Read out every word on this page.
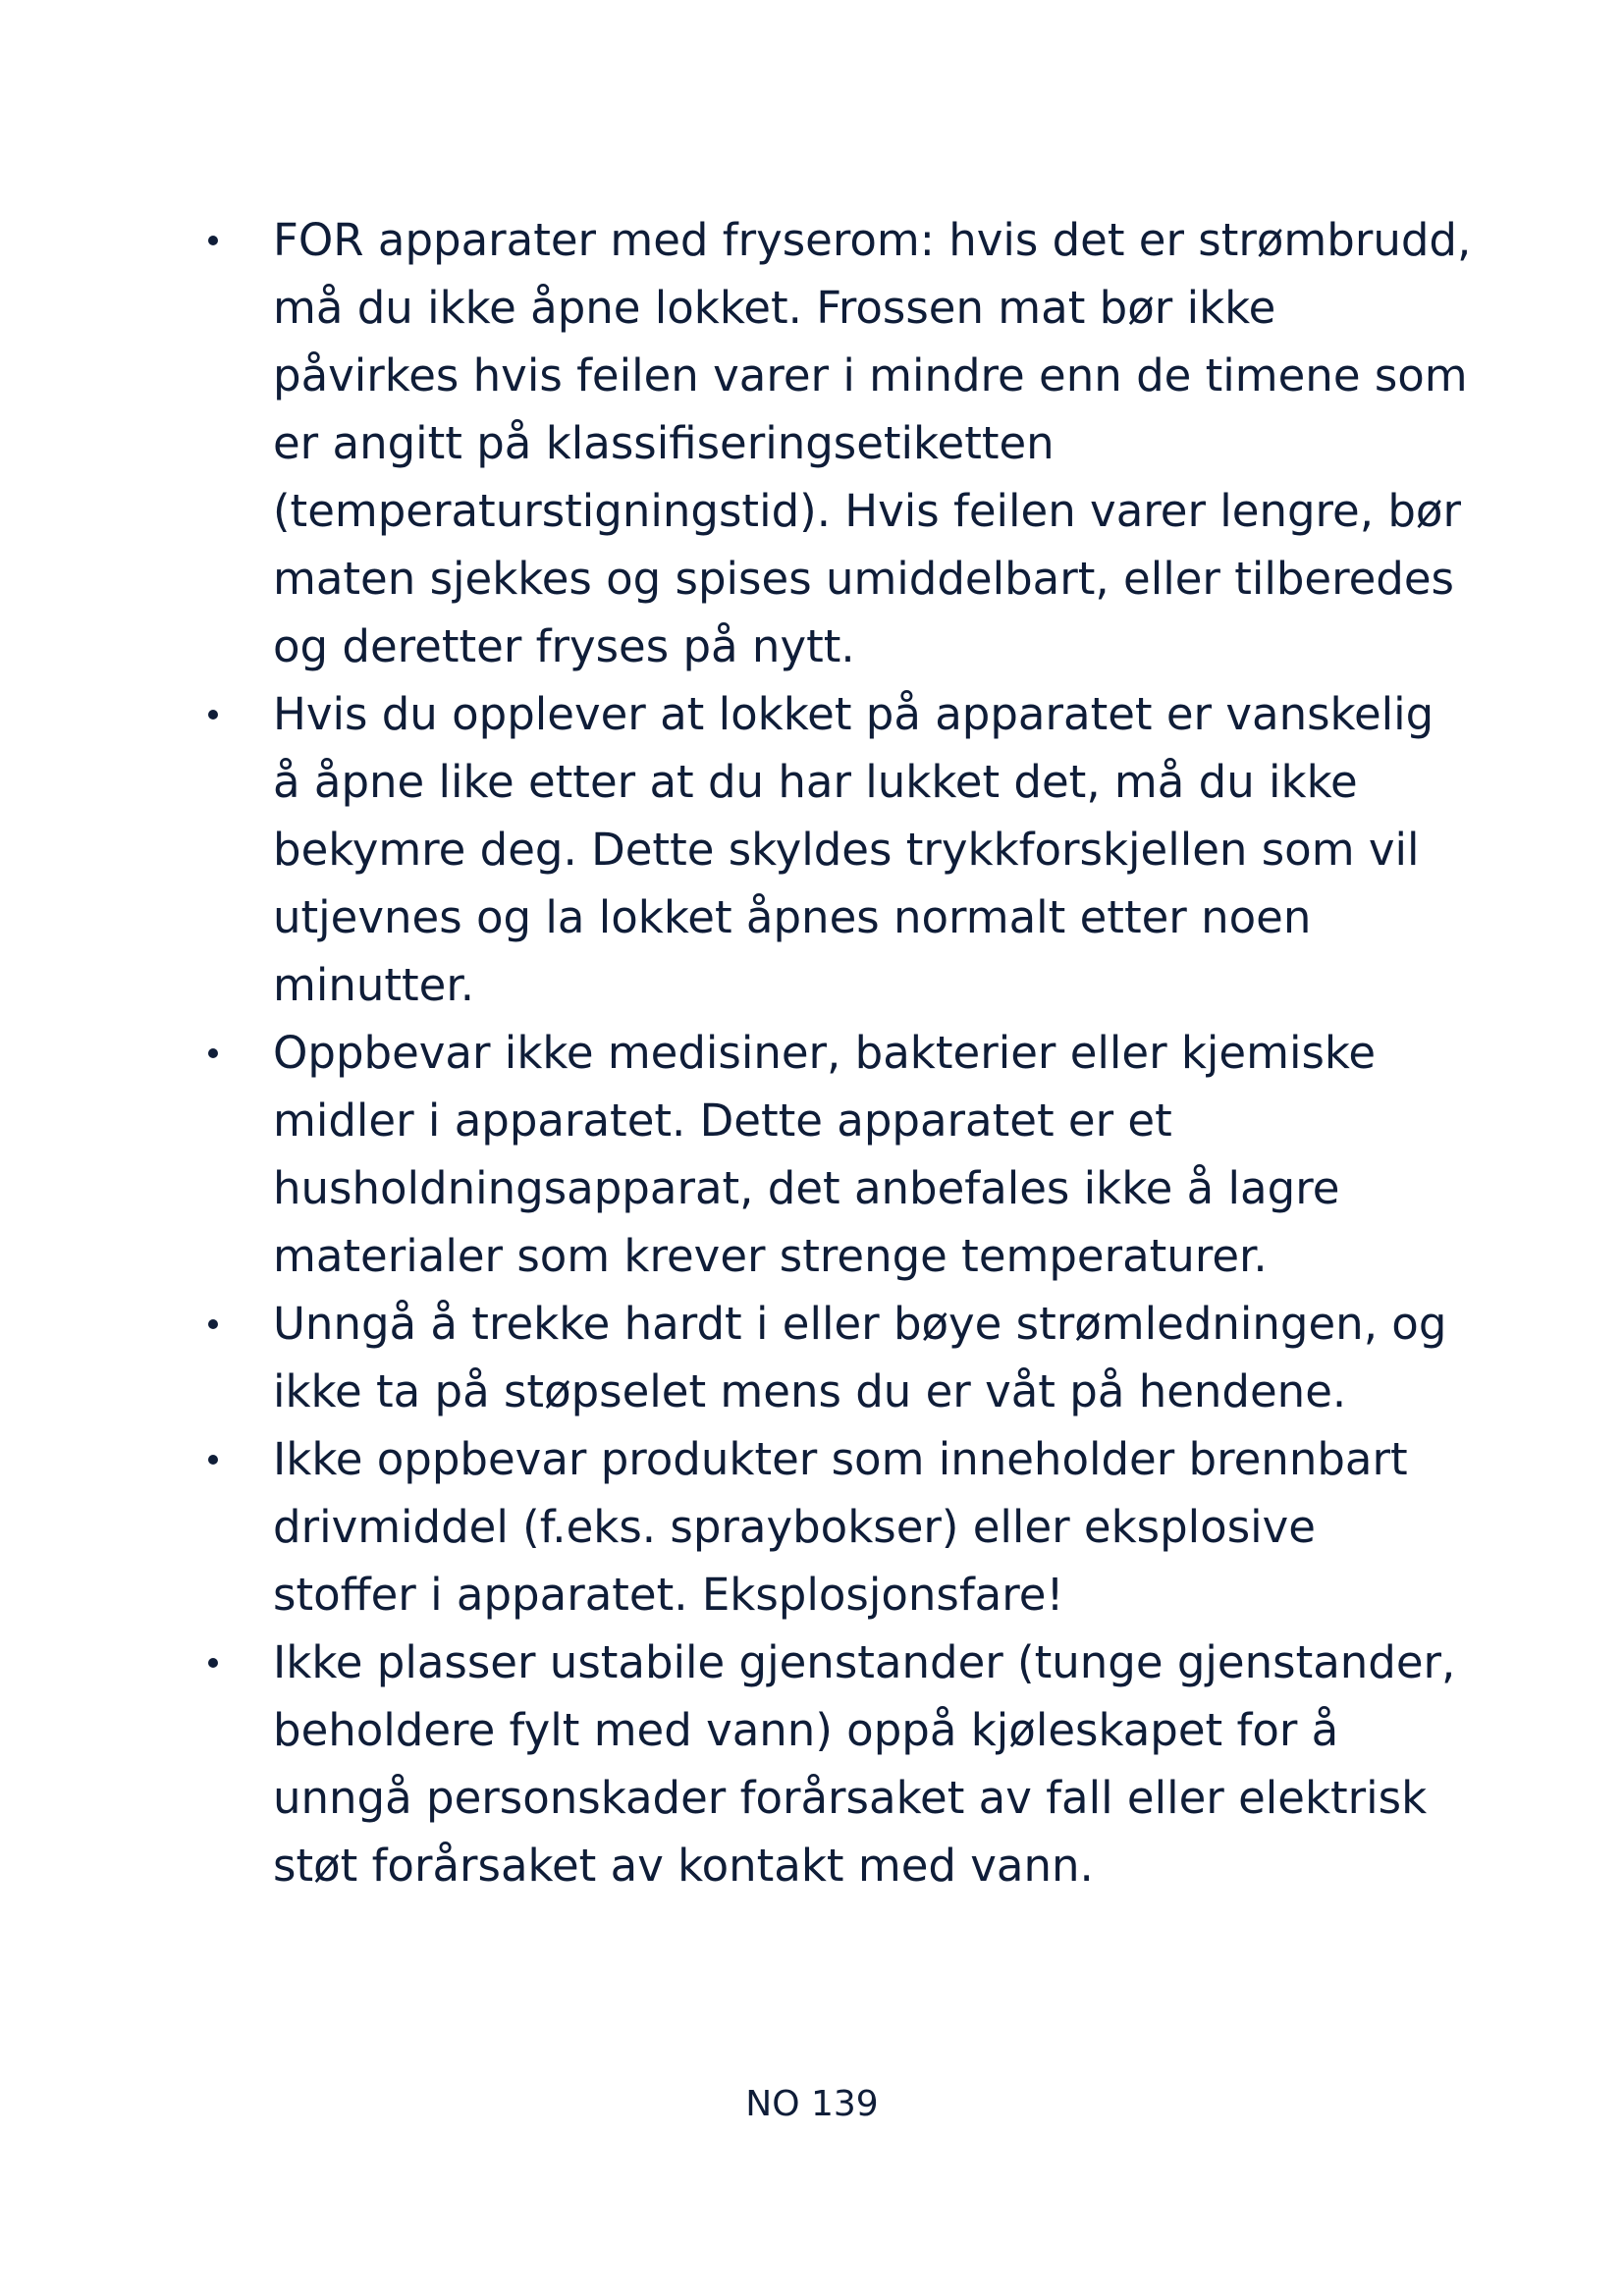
FOR apparater med fryserom: hvis det er strømbrudd, må du ikke åpne lokket. Frossen mat bør ikke påvirkes hvis feilen varer i mindre enn de timene som er angitt på klassifiseringsetiketten (temperaturstigningstid). Hvis feilen varer lengre, bør maten sjekkes og spises umiddelbart, eller tilberedes og deretter fryses på nytt.
Hvis du opplever at lokket på apparatet er vanskelig å åpne like etter at du har lukket det, må du ikke bekymre deg. Dette skyldes trykkforskjellen som vil utjevnes og la lokket åpnes normalt etter noen minutter.
Oppbevar ikke medisiner, bakterier eller kjemiske midler i apparatet. Dette apparatet er et husholdningsapparat, det anbefales ikke å lagre materialer som krever strenge temperaturer.
Unngå å trekke hardt i eller bøye strømledningen, og ikke ta på støpselet mens du er våt på hendene.
Ikke oppbevar produkter som inneholder brennbart drivmiddel (f.eks. spraybokser) eller eksplosive stoffer i apparatet. Eksplosjonsfare!
Ikke plasser ustabile gjenstander (tunge gjenstander, beholdere fylt med vann) oppå kjøleskapet for å unngå personskader forårsaket av fall eller elektrisk støt forårsaket av kontakt med vann.
NO 139
